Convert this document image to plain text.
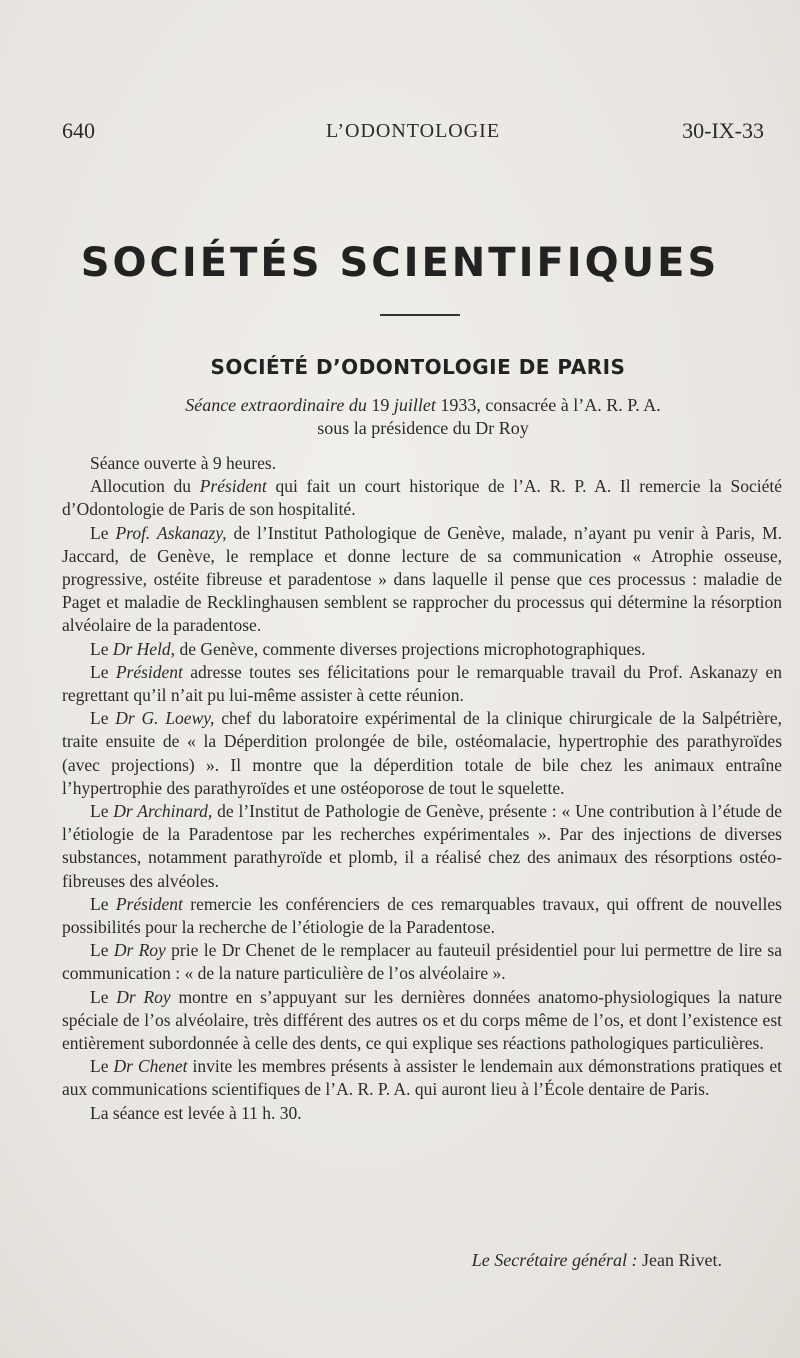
640	L’ODONTOLOGIE	30-IX-33
SOCIÉTÉS SCIENTIFIQUES
SOCIÉTÉ D’ODONTOLOGIE DE PARIS
Séance extraordinaire du 19 juillet 1933, consacrée à l’A. R. P. A.
sous la présidence du Dr Roy

Séance ouverte à 9 heures.

Allocution du Président qui fait un court historique de l’A. R. P. A. Il remercie la Société d’Odontologie de Paris de son hospitalité.

Le Prof. Askanazy, de l’Institut Pathologique de Genève, malade, n’ayant pu venir à Paris, M. Jaccard, de Genève, le remplace et donne lecture de sa communication « Atrophie osseuse, progressive, ostéite fibreuse et paradentose » dans laquelle il pense que ces processus : maladie de Paget et maladie de Recklinghausen semblent se rapprocher du processus qui détermine la résorption alvéolaire de la paradentose.

Le Dr Held, de Genève, commente diverses projections microphotographiques.

Le Président adresse toutes ses félicitations pour le remarquable travail du Prof. Askanazy en regrettant qu’il n’ait pu lui-même assister à cette réunion.

Le Dr G. Loewy, chef du laboratoire expérimental de la clinique chirurgicale de la Salpétrière, traite ensuite de « la Déperdition prolongée de bile, ostéomalacie, hypertrophie des parathyroïdes (avec projections) ». Il montre que la déperdition totale de bile chez les animaux entraîne l’hypertrophie des parathyroïdes et une ostéoporose de tout le squelette.

Le Dr Archinard, de l’Institut de Pathologie de Genève, présente : « Une contribution à l’étude de l’étiologie de la Paradentose par les recherches expérimentales ». Par des injections de diverses substances, notamment parathyroïde et plomb, il a réalisé chez des animaux des résorptions ostéo-fibreuses des alvéoles.

Le Président remercie les conférenciers de ces remarquables travaux, qui offrent de nouvelles possibilités pour la recherche de l’étiologie de la Paradentose.

Le Dr Roy prie le Dr Chenet de le remplacer au fauteuil présidentiel pour lui permettre de lire sa communication : « de la nature particulière de l’os alvéolaire ».

Le Dr Roy montre en s’appuyant sur les dernières données anatomo-physiologiques la nature spéciale de l’os alvéolaire, très différent des autres os et du corps même de l’os, et dont l’existence est entièrement subordonnée à celle des dents, ce qui explique ses réactions pathologiques particulières.

Le Dr Chenet invite les membres présents à assister le lendemain aux démonstrations pratiques et aux communications scientifiques de l’A. R. P. A. qui auront lieu à l’École dentaire de Paris.

La séance est levée à 11 h. 30.

Le Secrétaire général : Jean Rivet.
